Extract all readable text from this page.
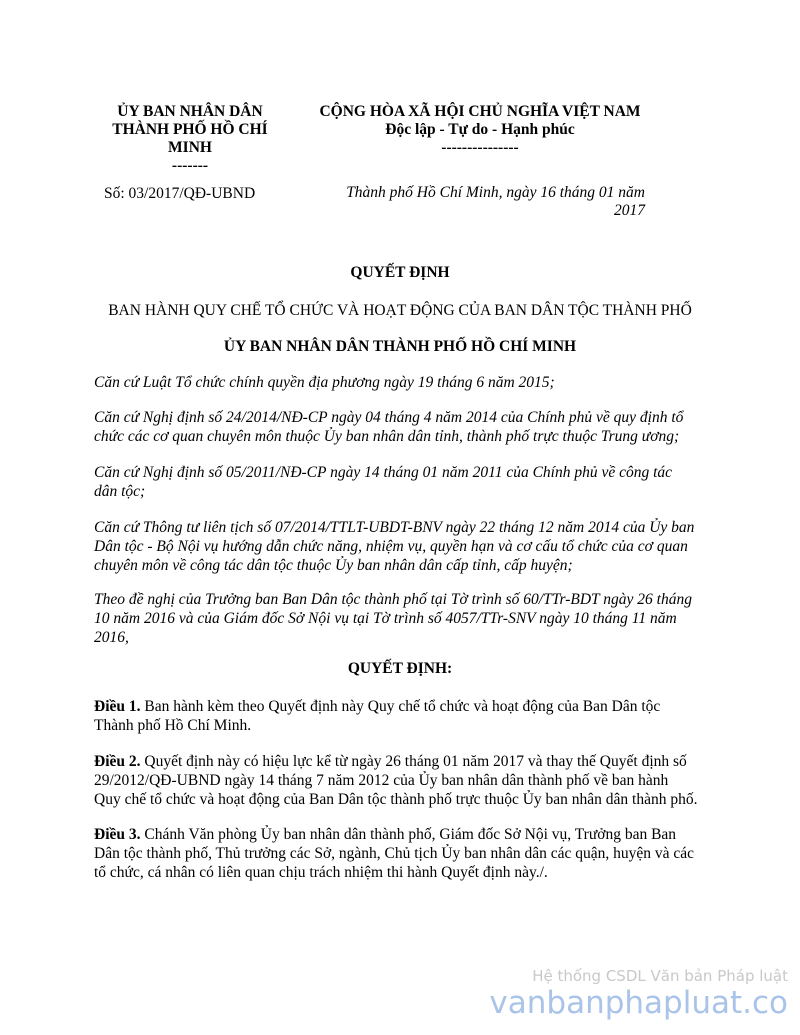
ỦY BAN NHÂN DÂN
THÀNH PHỐ HỒ CHÍ
MINH
-------
CỘNG HÒA XÃ HỘI CHỦ NGHĨA VIỆT NAM
Độc lập - Tự do - Hạnh phúc
---------------
Số: 03/2017/QĐ-UBND	Thành phố Hồ Chí Minh, ngày 16 tháng 01 năm
2017
QUYẾT ĐỊNH
BAN HÀNH QUY CHẾ TỔ CHỨC VÀ HOẠT ĐỘNG CỦA BAN DÂN TỘC THÀNH PHỐ
ỦY BAN NHÂN DÂN THÀNH PHỐ HỒ CHÍ MINH
Căn cứ Luật Tổ chức chính quyền địa phương ngày 19 tháng 6 năm 2015;
Căn cứ Nghị định số 24/2014/NĐ-CP ngày 04 tháng 4 năm 2014 của Chính phủ về quy định tổ
chức các cơ quan chuyên môn thuộc Ủy ban nhân dân tỉnh, thành phố trực thuộc Trung ương;
Căn cứ Nghị định số 05/2011/NĐ-CP ngày 14 tháng 01 năm 2011 của Chính phủ về công tác
dân tộc;
Căn cứ Thông tư liên tịch số 07/2014/TTLT-UBDT-BNV ngày 22 tháng 12 năm 2014 của Ủy ban
Dân tộc - Bộ Nội vụ hướng dẫn chức năng, nhiệm vụ, quyền hạn và cơ cấu tổ chức của cơ quan
chuyên môn về công tác dân tộc thuộc Ủy ban nhân dân cấp tỉnh, cấp huyện;
Theo đề nghị của Trưởng ban Ban Dân tộc thành phố tại Tờ trình số 60/TTr-BDT ngày 26 tháng
10 năm 2016 và của Giám đốc Sở Nội vụ tại Tờ trình số 4057/TTr-SNV ngày 10 tháng 11 năm
2016,
QUYẾT ĐỊNH:
Điều 1. Ban hành kèm theo Quyết định này Quy chế tổ chức và hoạt động của Ban Dân tộc
Thành phố Hồ Chí Minh.
Điều 2. Quyết định này có hiệu lực kể từ ngày 26 tháng 01 năm 2017 và thay thế Quyết định số
29/2012/QĐ-UBND ngày 14 tháng 7 năm 2012 của Ủy ban nhân dân thành phố về ban hành
Quy chế tổ chức và hoạt động của Ban Dân tộc thành phố trực thuộc Ủy ban nhân dân thành phố.
Điều 3. Chánh Văn phòng Ủy ban nhân dân thành phố, Giám đốc Sở Nội vụ, Trưởng ban Ban
Dân tộc thành phố, Thủ trưởng các Sở, ngành, Chủ tịch Ủy ban nhân dân các quận, huyện và các
tổ chức, cá nhân có liên quan chịu trách nhiệm thi hành Quyết định này./.
Hệ thống CSDL Văn bản Pháp luật
vanbanphapluat.co
